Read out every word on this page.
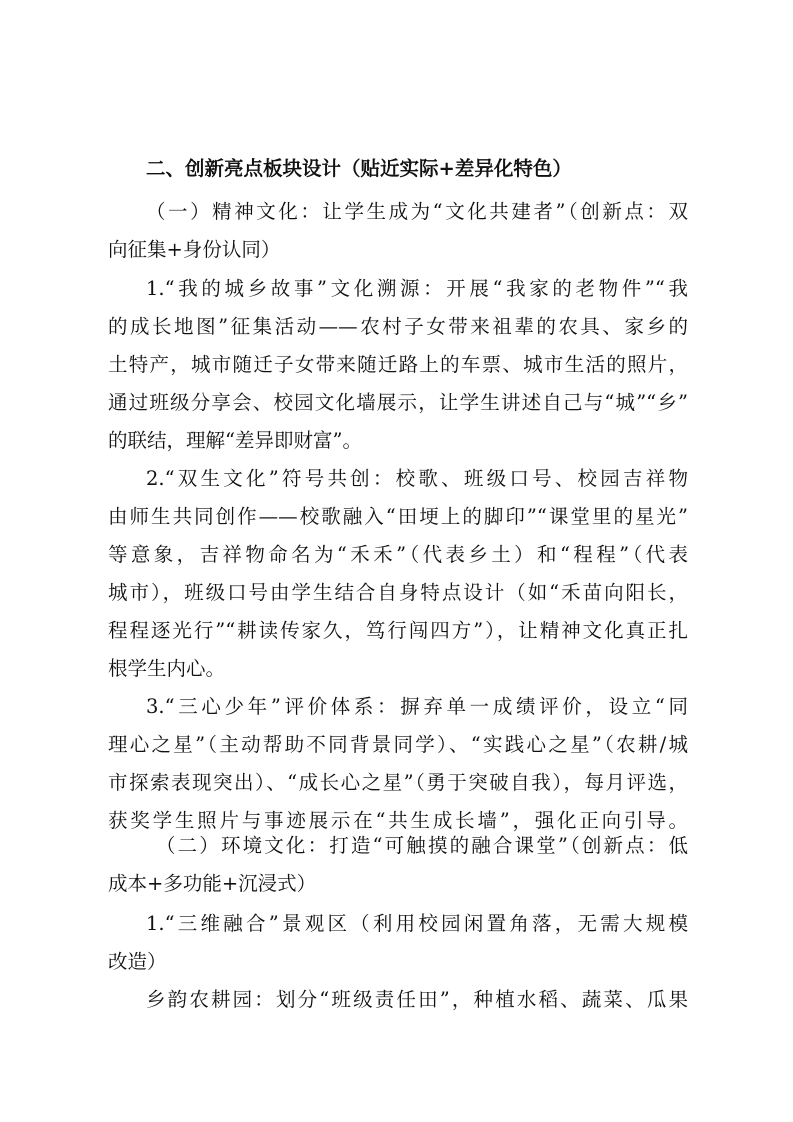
二、创新亮点板块设计（贴近实际+差异化特色）
（一）精神文化：让学生成为“文化共建者”（创新点：双
向征集+身份认同）
1.“我的城乡故事”文化溯源：开展“我家的老物件”“我
的成长地图”征集活动——农村子女带来祖辈的农具、家乡的
土特产，城市随迁子女带来随迁路上的车票、城市生活的照片，
通过班级分享会、校园文化墙展示，让学生讲述自己与“城”“乡”
的联结，理解“差异即财富”。
2.“双生文化”符号共创：校歌、班级口号、校园吉祥物
由师生共同创作——校歌融入“田埂上的脚印”“课堂里的星光”
等意象，吉祥物命名为“禾禾”（代表乡土）和“程程”（代表
城市），班级口号由学生结合自身特点设计（如“禾苗向阳长，
程程逐光行”“耕读传家久，笃行闯四方”），让精神文化真正扎
根学生内心。
3.“三心少年”评价体系：摒弃单一成绩评价，设立“同
理心之星”（主动帮助不同背景同学）、“实践心之星”（农耕/城
市探索表现突出）、“成长心之星”（勇于突破自我），每月评选，
获奖学生照片与事迹展示在“共生成长墙”，强化正向引导。
（二）环境文化：打造“可触摸的融合课堂”（创新点：低
成本+多功能+沉浸式）
1.“三维融合”景观区（利用校园闲置角落，无需大规模
改造）
乡韵农耕园：划分“班级责任田”，种植水稻、蔬菜、瓜果
